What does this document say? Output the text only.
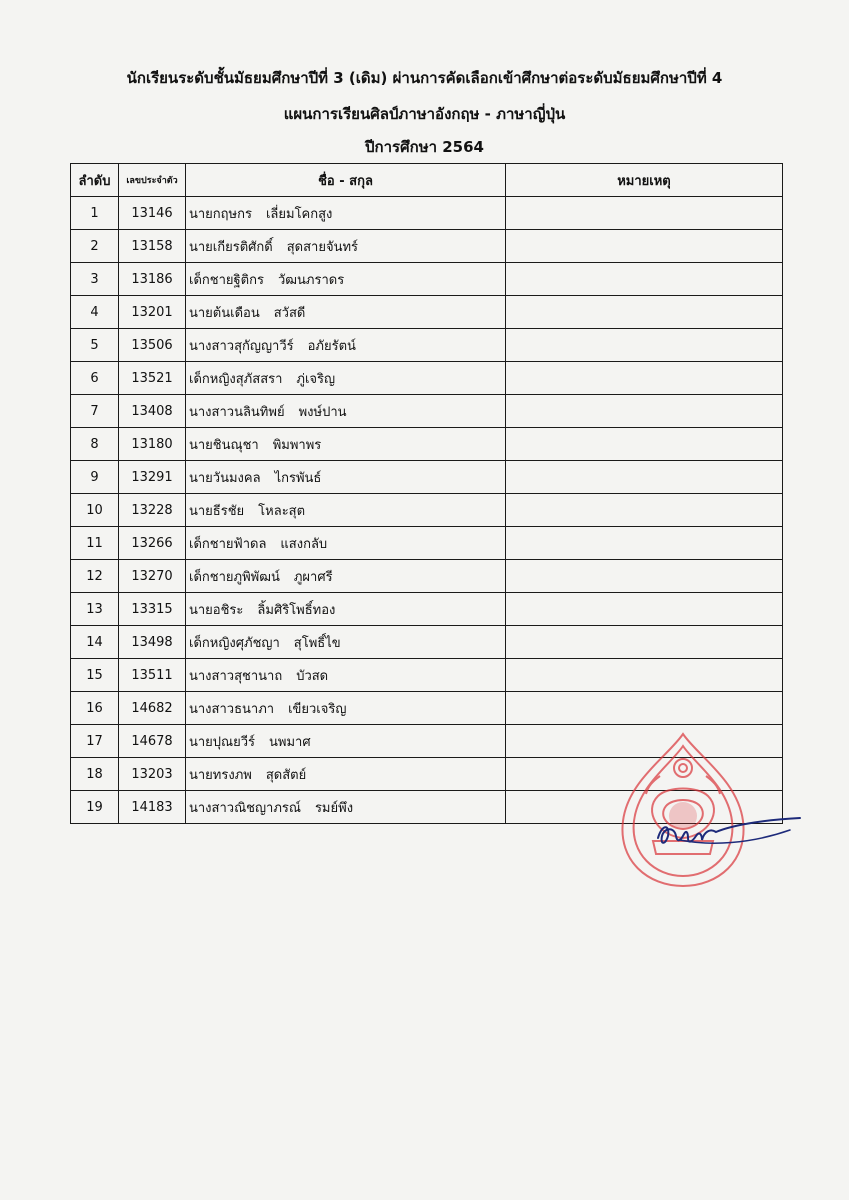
นักเรียนระดับชั้นมัธยมศึกษาปีที่ 3 (เดิม) ผ่านการคัดเลือกเข้าศึกษาต่อระดับมัธยมศึกษาปีที่ 4
แผนการเรียนศิลป์ภาษาอังกฤษ - ภาษาญี่ปุ่น
ปีการศึกษา 2564
ลำดับ	เลขประจำตัว	ชื่อ - สกุล	หมายเหตุ
1	13146	นายกฤษกร เลี่ยมโคกสูง	
2	13158	นายเกียรติศักดิ์ สุดสายจันทร์	
3	13186	เด็กชายฐิติกร วัฒนภราดร	
4	13201	นายต้นเดือน สวัสดี	
5	13506	นางสาวสุกัญญาวีร์ อภัยรัตน์	
6	13521	เด็กหญิงสุภัสสรา ภู่เจริญ	
7	13408	นางสาวนลินทิพย์ พงษ์ปาน	
8	13180	นายชินณุชา พิมพาพร	
9	13291	นายวันมงคล ไกรพันธ์	
10	13228	นายธีรชัย โหละสุต	
11	13266	เด็กชายฟ้าดล แสงกลับ	
12	13270	เด็กชายภูพิพัฒน์ ภูผาศรี	
13	13315	นายอชิระ ลิ้มศิริโพธิ์ทอง	
14	13498	เด็กหญิงศุภัชญา สุโพธิ์ไข	
15	13511	นางสาวสุชานาถ บัวสด	
16	14682	นางสาวธนาภา เขียวเจริญ	
17	14678	นายปุณยวีร์ นพมาศ	
18	13203	นายทรงภพ สุดสัตย์	
19	14183	นางสาวณิชญาภรณ์ รมย์พึง	
